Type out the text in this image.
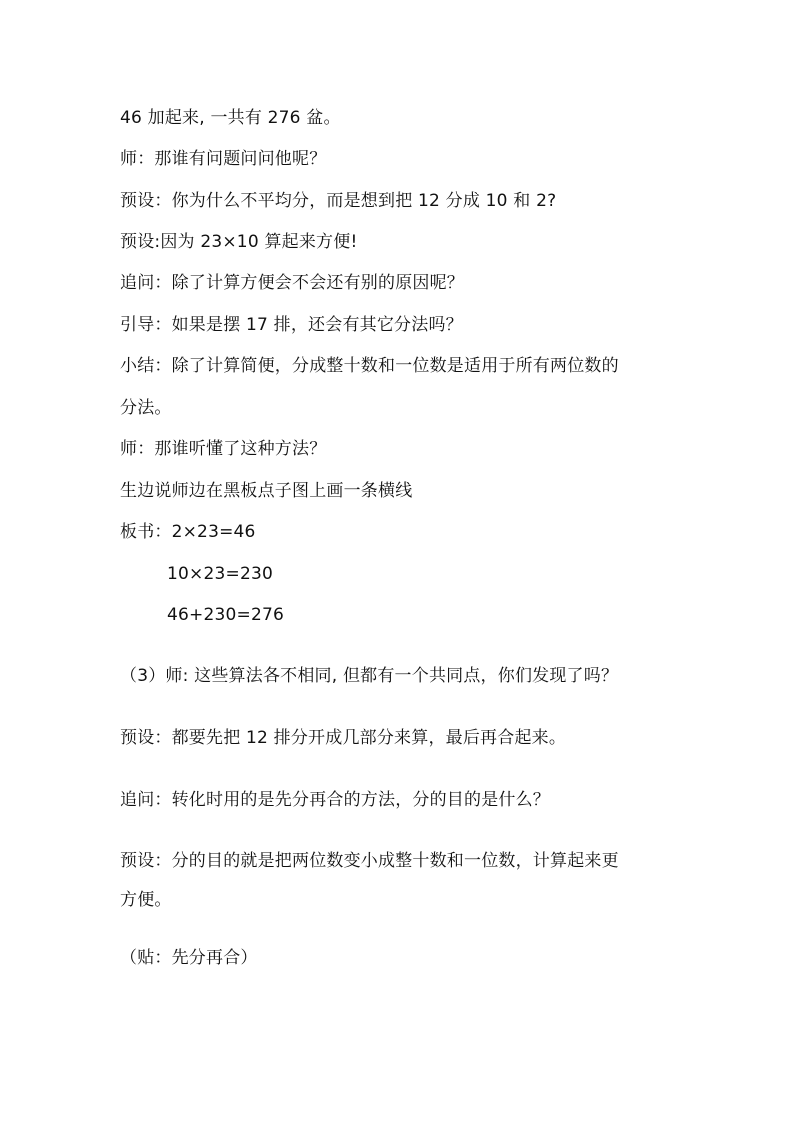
46 加起来, 一共有 276 盆。
师：那谁有问题问问他呢？
预设：你为什么不平均分，而是想到把 12 分成 10 和 2?
预设:因为 23×10 算起来方便!
追问：除了计算方便会不会还有别的原因呢？
引导：如果是摆 17 排，还会有其它分法吗？
小结：除了计算简便，分成整十数和一位数是适用于所有两位数的
分法。
师：那谁听懂了这种方法？
生边说师边在黑板点子图上画一条横线
板书：2×23=46
10×23=230
46+230=276
（3）师: 这些算法各不相同, 但都有一个共同点，你们发现了吗？
预设：都要先把 12 排分开成几部分来算，最后再合起来。
追问：转化时用的是先分再合的方法，分的目的是什么？
预设：分的目的就是把两位数变小成整十数和一位数，计算起来更
方便。
（贴：先分再合）
